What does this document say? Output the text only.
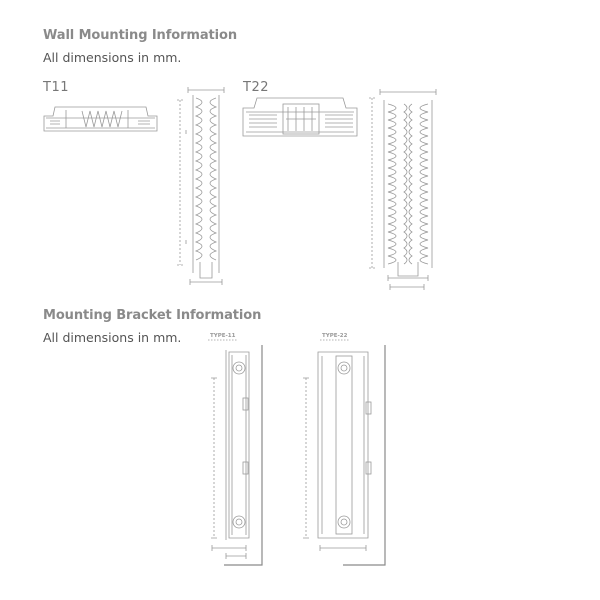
Wall Mounting Information
All dimensions in mm.
T11	T22
Mounting Bracket Information
All dimensions in mm.	TYPE-11	TYPE-22
